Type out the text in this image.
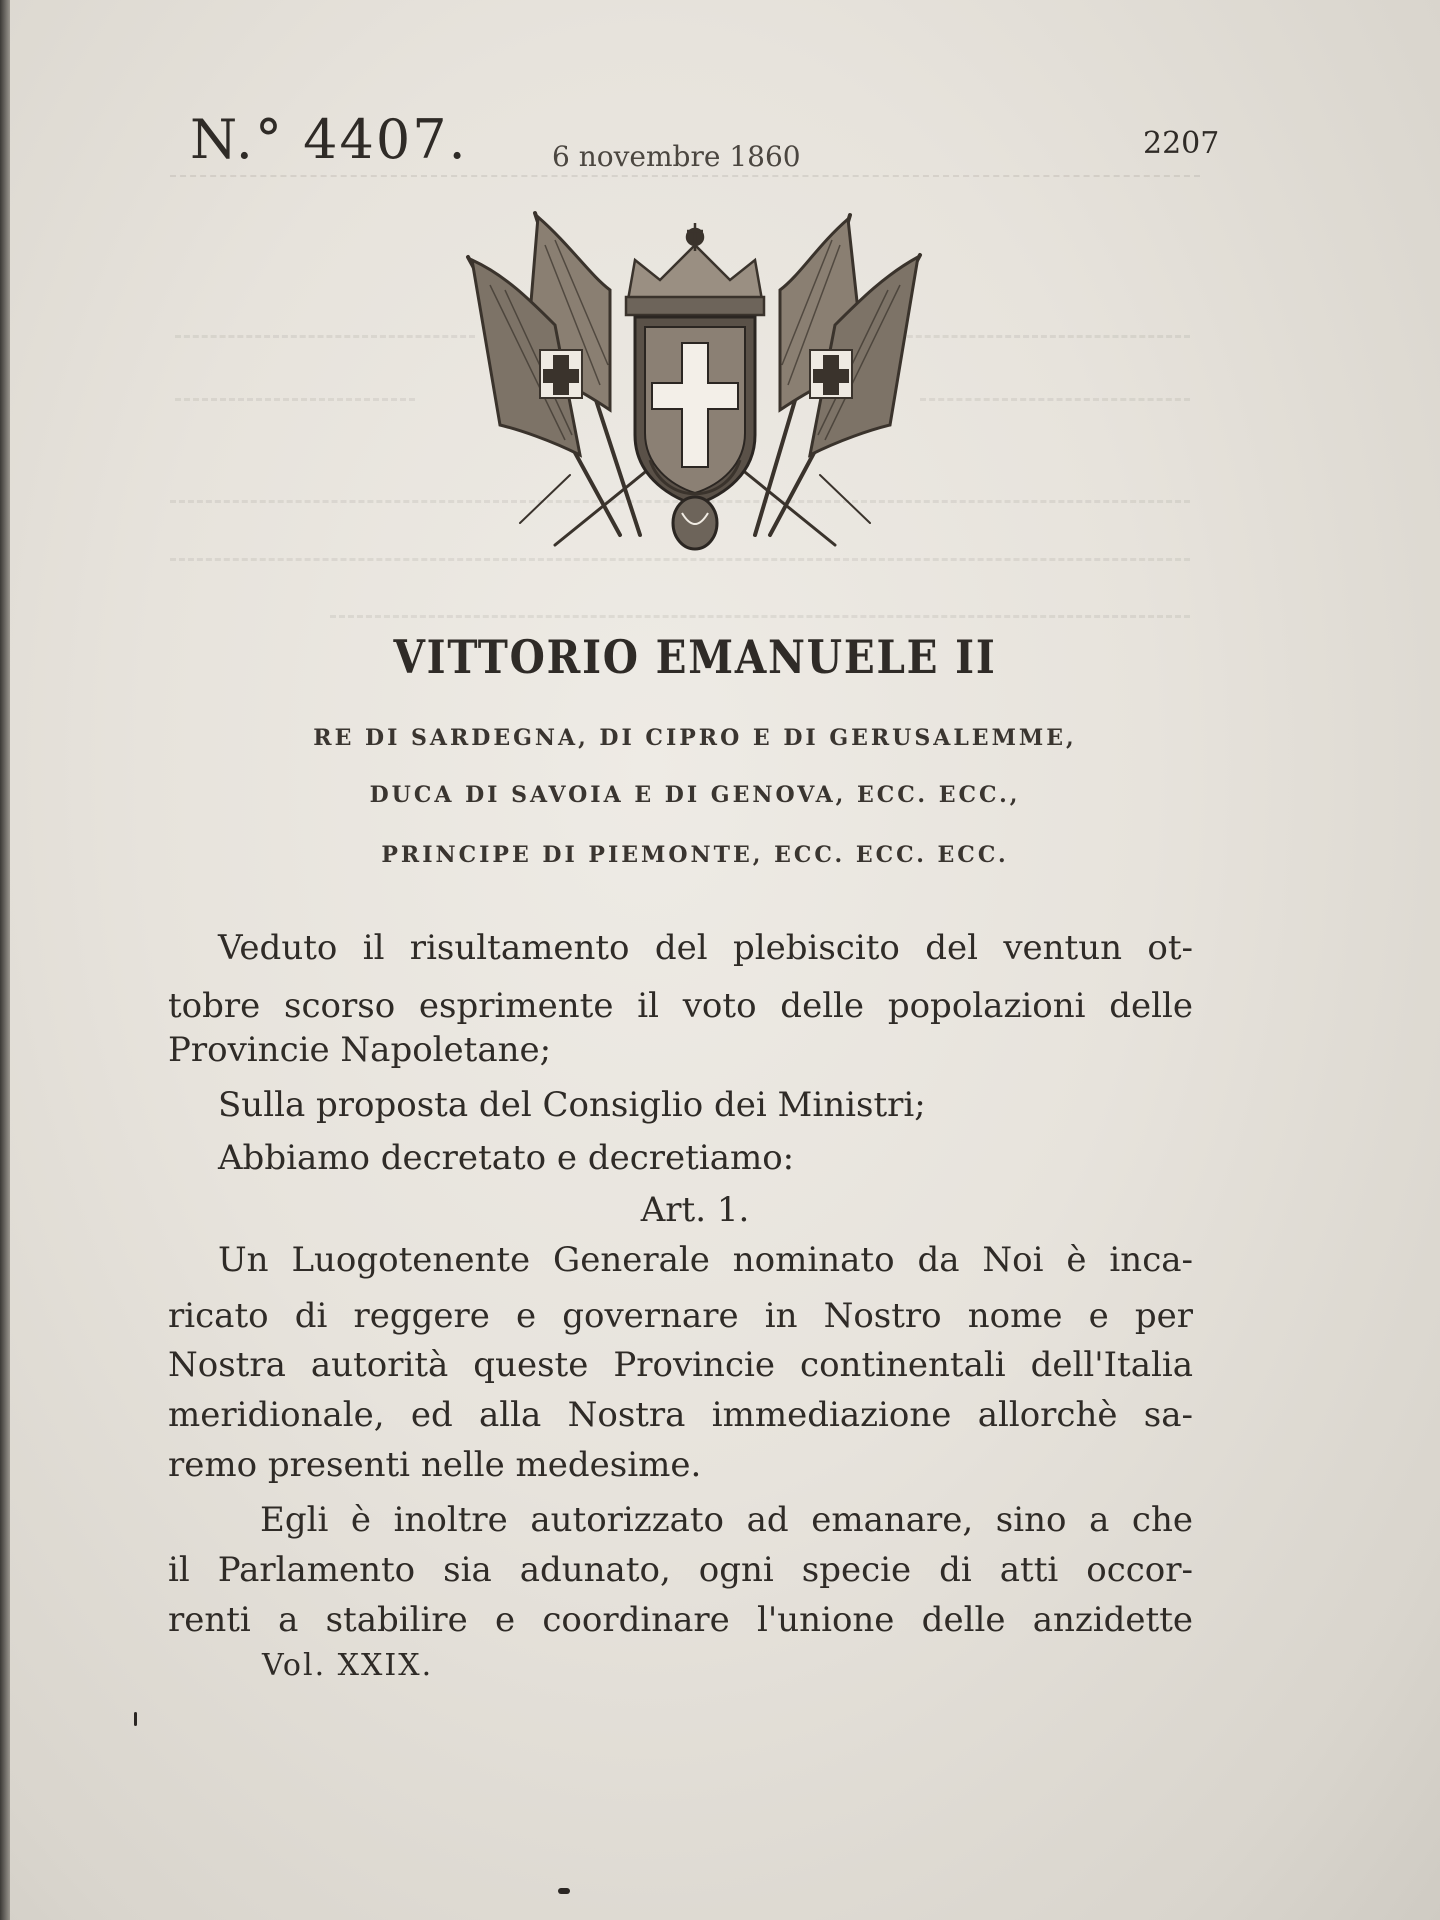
N.° 4407.	6 novembre 1860	2207
VITTORIO EMANUELE II
RE DI SARDEGNA, DI CIPRO E DI GERUSALEMME,
DUCA DI SAVOIA E DI GENOVA, ECC. ECC.,
PRINCIPE DI PIEMONTE, ECC. ECC. ECC.
Veduto il risultamento del plebiscito del ventun ot-
tobre scorso esprimente il voto delle popolazioni delle
Provincie Napoletane;
Sulla proposta del Consiglio dei Ministri;
Abbiamo decretato e decretiamo:
Art. 1.
Un Luogotenente Generale nominato da Noi è inca-
ricato di reggere e governare in Nostro nome e per
Nostra autorità queste Provincie continentali dell'Italia
meridionale, ed alla Nostra immediazione allorchè sa-
remo presenti nelle medesime.
Egli è inoltre autorizzato ad emanare, sino a che
il Parlamento sia adunato, ogni specie di atti occor-
renti a stabilire e coordinare l'unione delle anzidette
Vol. XXIX.
